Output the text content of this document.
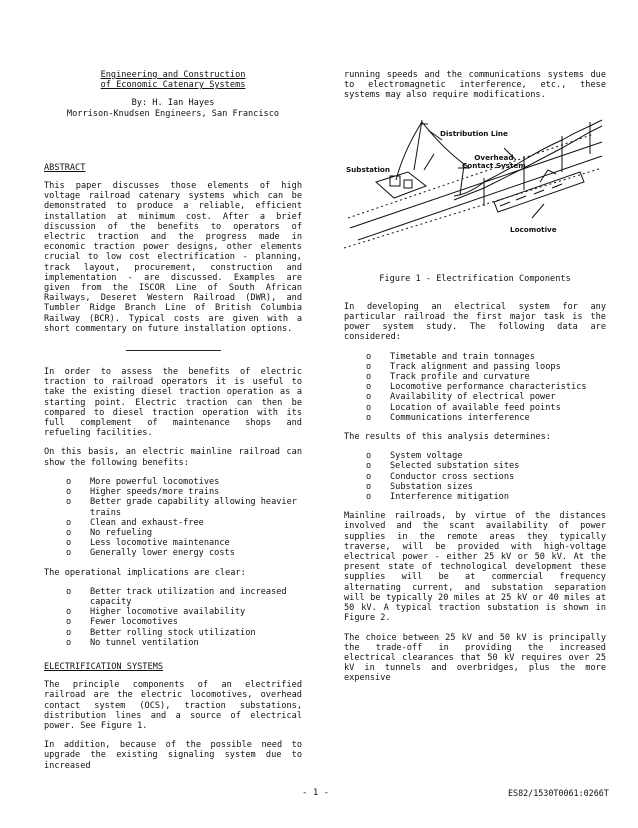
Engineering and Construction
of Economic Catenary Systems
By: H. Ian Hayes
Morrison-Knudsen Engineers, San Francisco
ABSTRACT

This paper discusses those elements of high voltage railroad catenary systems which can be demonstrated to produce a reliable, efficient installation at minimum cost. After a brief discussion of the benefits to operators of electric traction and the progress made in economic traction power designs, other elements crucial to low cost electrification - planning, track layout, procurement, construction and implementation - are discussed. Examples are given from the ISCOR Line of South African Railways, Deseret Western Railroad (DWR), and Tumbler Ridge Branch Line of British Columbia Railway (BCR). Typical costs are given with a short commentary on future installation options.

In order to assess the benefits of electric traction to railroad operators it is useful to take the existing diesel traction operation as a starting point. Electric traction can then be compared to diesel traction operation with its full complement of maintenance shops and refueling facilities.

On this basis, an electric mainline railroad can show the following benefits:

o More powerful locomotives
o Higher speeds/more trains
o Better grade capability allowing heavier trains
o Clean and exhaust-free
o No refueling
o Less locomotive maintenance
o Generally lower energy costs

The operational implications are clear:

o Better track utilization and increased capacity
o Higher locomotive availability
o Fewer locomotives
o Better rolling stock utilization
o No tunnel ventilation
ELECTRIFICATION SYSTEMS

The principle components of an electrified railroad are the electric locomotives, overhead contact system (OCS), traction substations, distribution lines and a source of electrical power. See Figure 1.

In addition, because of the possible need to upgrade the existing signaling system due to increased

running speeds and the communications systems due to electromagnetic interference, etc., these systems may also require modifications.

Distribution Line
Overhead
Contact System
Substation
Locomotive
Figure 1 - Electrification Components

In developing an electrical system for any particular railroad the first major task is the power system study. The following data are considered:

o Timetable and train tonnages
o Track alignment and passing loops
o Track profile and curvature
o Locomotive performance characteristics
o Availability of electrical power
o Location of available feed points
o Communications interference

The results of this analysis determines:

o System voltage
o Selected substation sites
o Conductor cross sections
o Substation sizes
o Interference mitigation

Mainline railroads, by virtue of the distances involved and the scant availability of power supplies in the remote areas they typically traverse, will be provided with high-voltage electrical power - either 25 kV or 50 kV. At the present state of technological development these supplies will be at commercial frequency alternating current, and substation separation will be typically 20 miles at 25 kV or 40 miles at 50 kV. A typical traction substation is shown in Figure 2.

The choice between 25 kV and 50 kV is principally the trade-off in providing the increased electrical clearances that 50 kV requires over 25 kV in tunnels and overbridges, plus the more expensive

- 1 -	ES82/1530T0061:0266T
